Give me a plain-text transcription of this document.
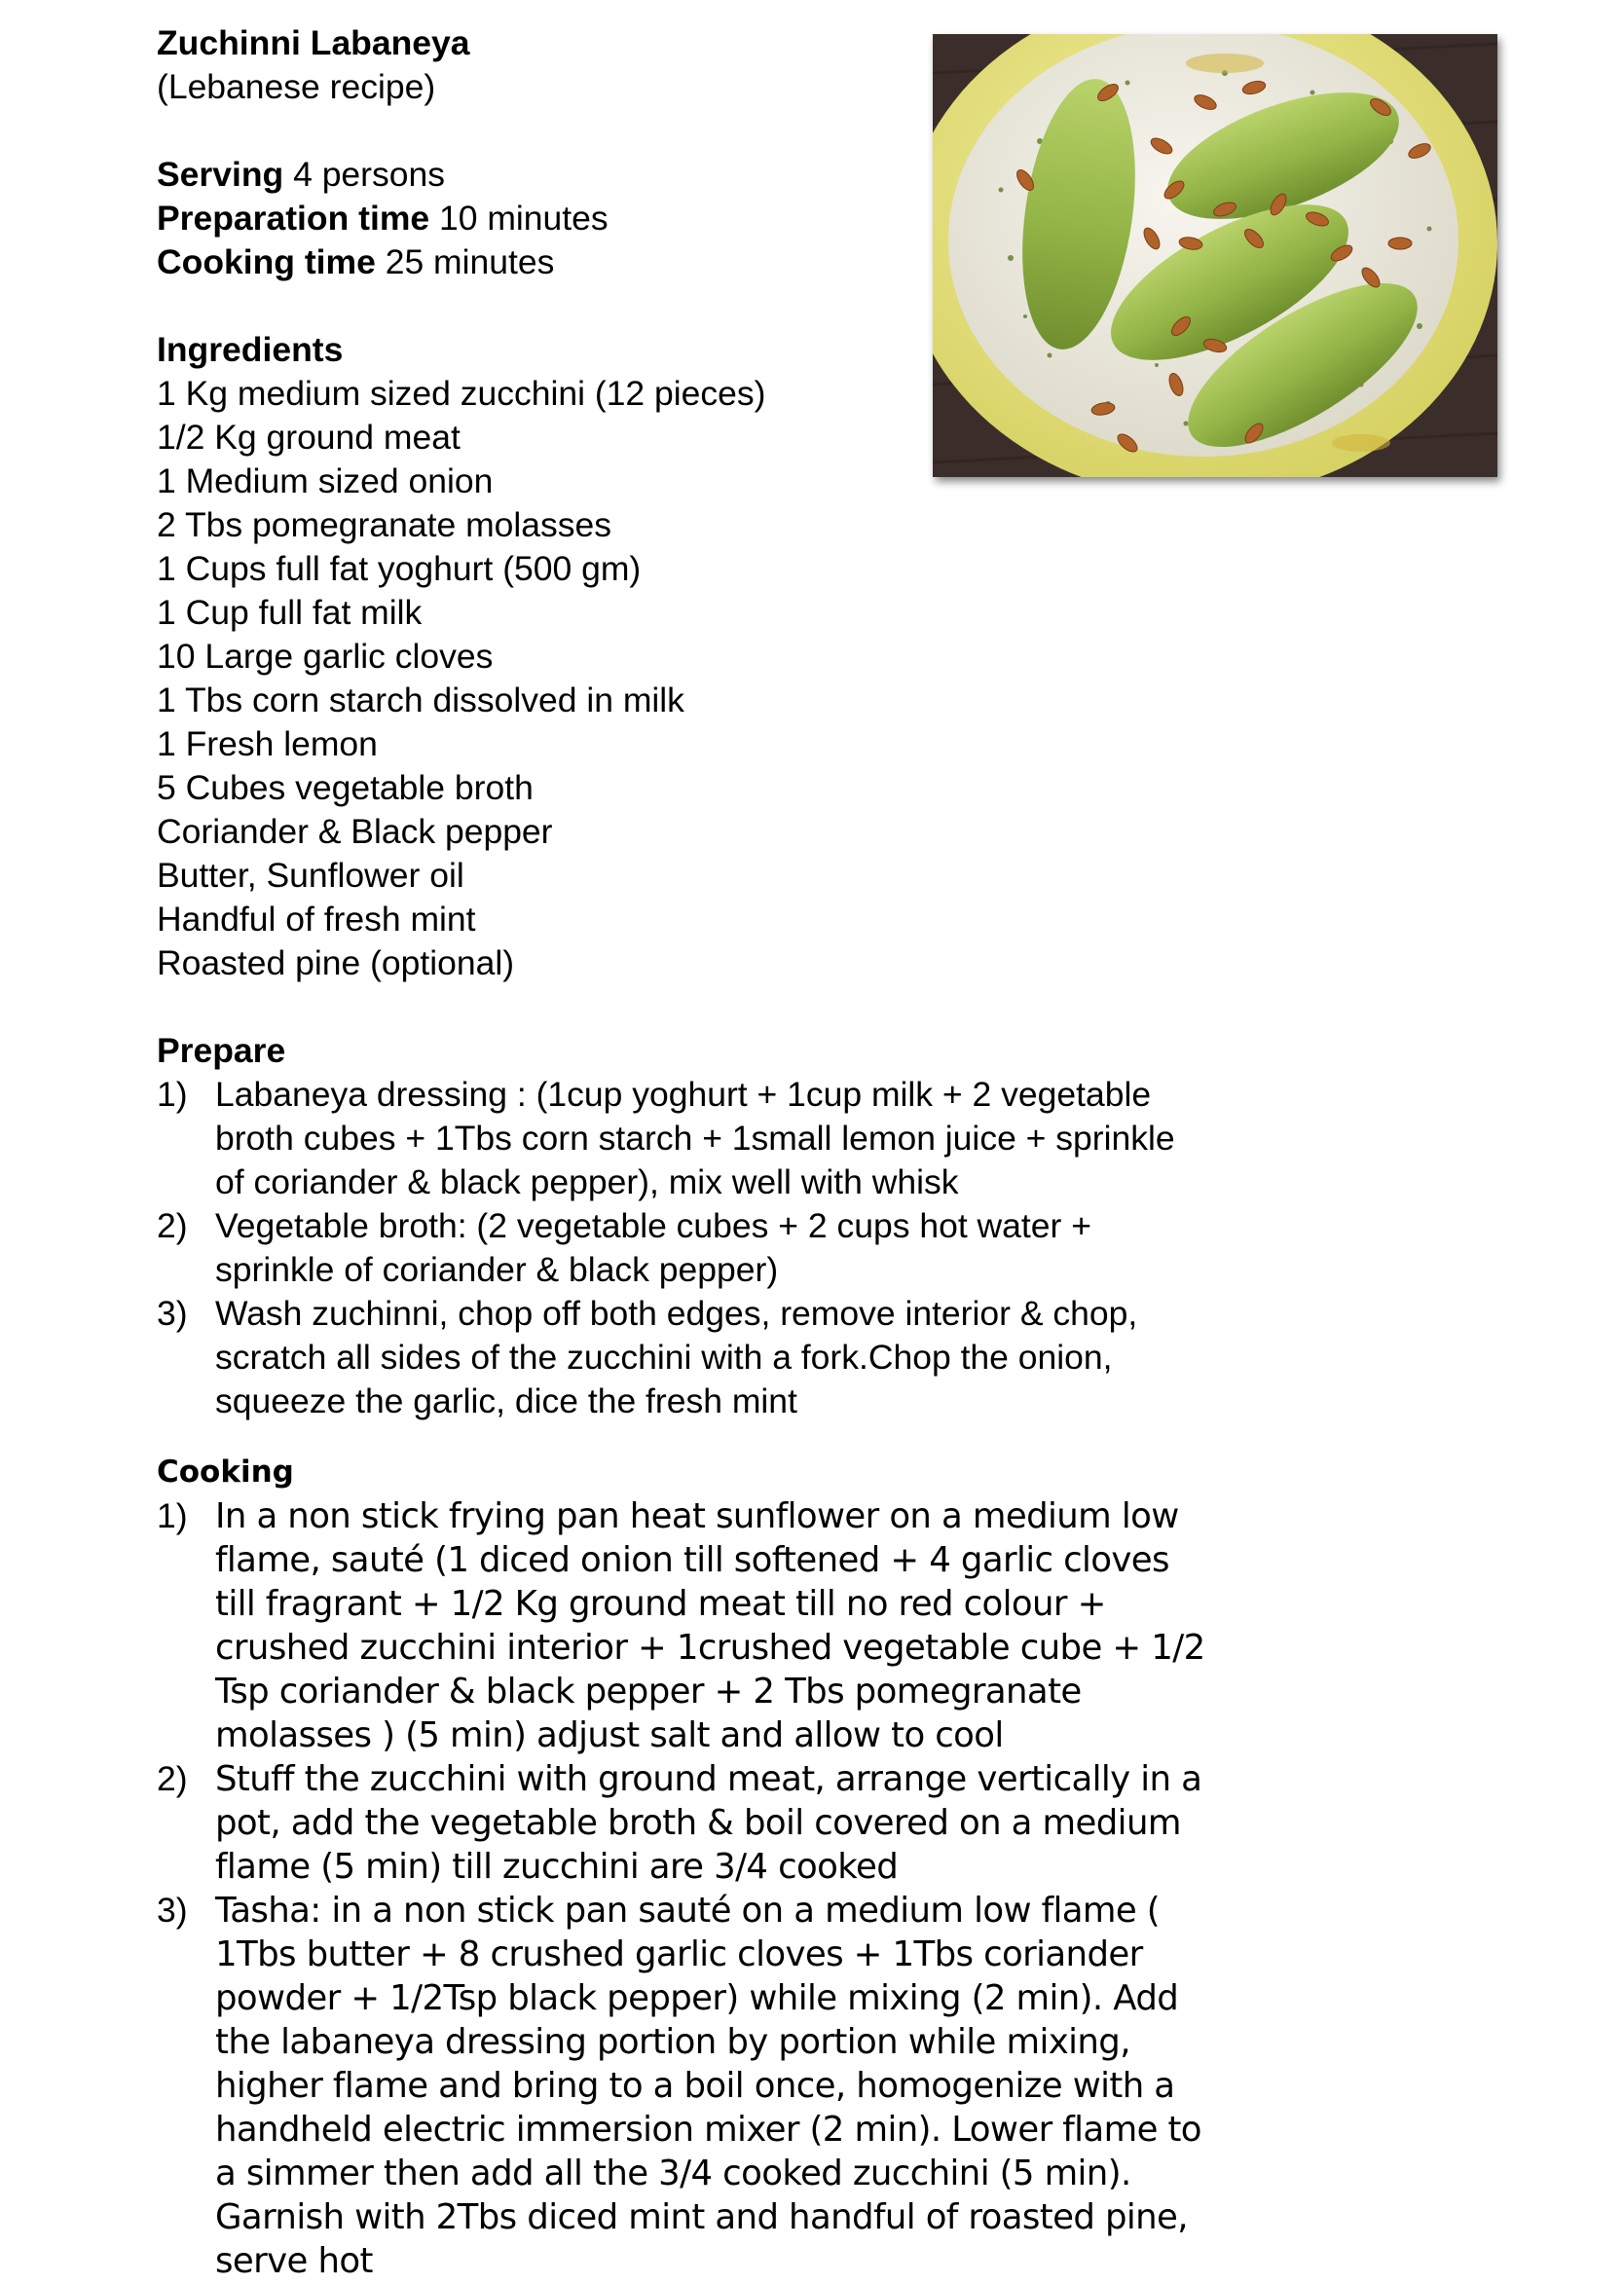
Zuchinni Labaneya
(Lebanese recipe)
Serving 4 persons
Preparation time 10 minutes
Cooking time 25 minutes
Ingredients
1 Kg medium sized zucchini (12 pieces)
1/2 Kg ground meat
1 Medium sized onion
2 Tbs pomegranate molasses
1 Cups full fat yoghurt (500 gm)
1 Cup full fat milk
10 Large garlic cloves
1 Tbs corn starch dissolved in milk
1 Fresh lemon
5 Cubes vegetable broth
Coriander & Black pepper
Butter, Sunflower oil
Handful of fresh mint
Roasted pine (optional)
Prepare
1) Labaneya dressing : (1cup yoghurt + 1cup milk + 2 vegetable broth cubes + 1Tbs corn starch + 1small lemon juice + sprinkle of coriander & black pepper), mix well with whisk
2) Vegetable broth: (2 vegetable cubes + 2 cups hot water + sprinkle of coriander & black pepper)
3) Wash zuchinni, chop off both edges, remove interior & chop, scratch all sides of the zucchini with a fork.Chop the onion, squeeze the garlic, dice the fresh mint
Cooking
1) In a non stick frying pan heat sunflower on a medium low flame, sauté (1 diced onion till softened + 4 garlic cloves till fragrant + 1/2 Kg ground meat till no red colour + crushed zucchini interior + 1crushed vegetable cube + 1/2 Tsp coriander & black pepper + 2 Tbs pomegranate molasses ) (5 min) adjust salt and allow to cool
2) Stuff the zucchini with ground meat, arrange vertically in a pot, add the vegetable broth & boil covered on a medium flame (5 min) till zucchini are 3/4 cooked
3) Tasha: in a non stick pan sauté on a medium low flame ( 1Tbs butter + 8 crushed garlic cloves + 1Tbs coriander powder + 1/2Tsp black pepper) while mixing (2 min). Add the labaneya dressing portion by portion while mixing, higher flame and bring to a boil once, homogenize with a handheld electric immersion mixer (2 min). Lower flame to a simmer then add all the 3/4 cooked zucchini (5 min). Garnish with 2Tbs diced mint and handful of roasted pine, serve hot
